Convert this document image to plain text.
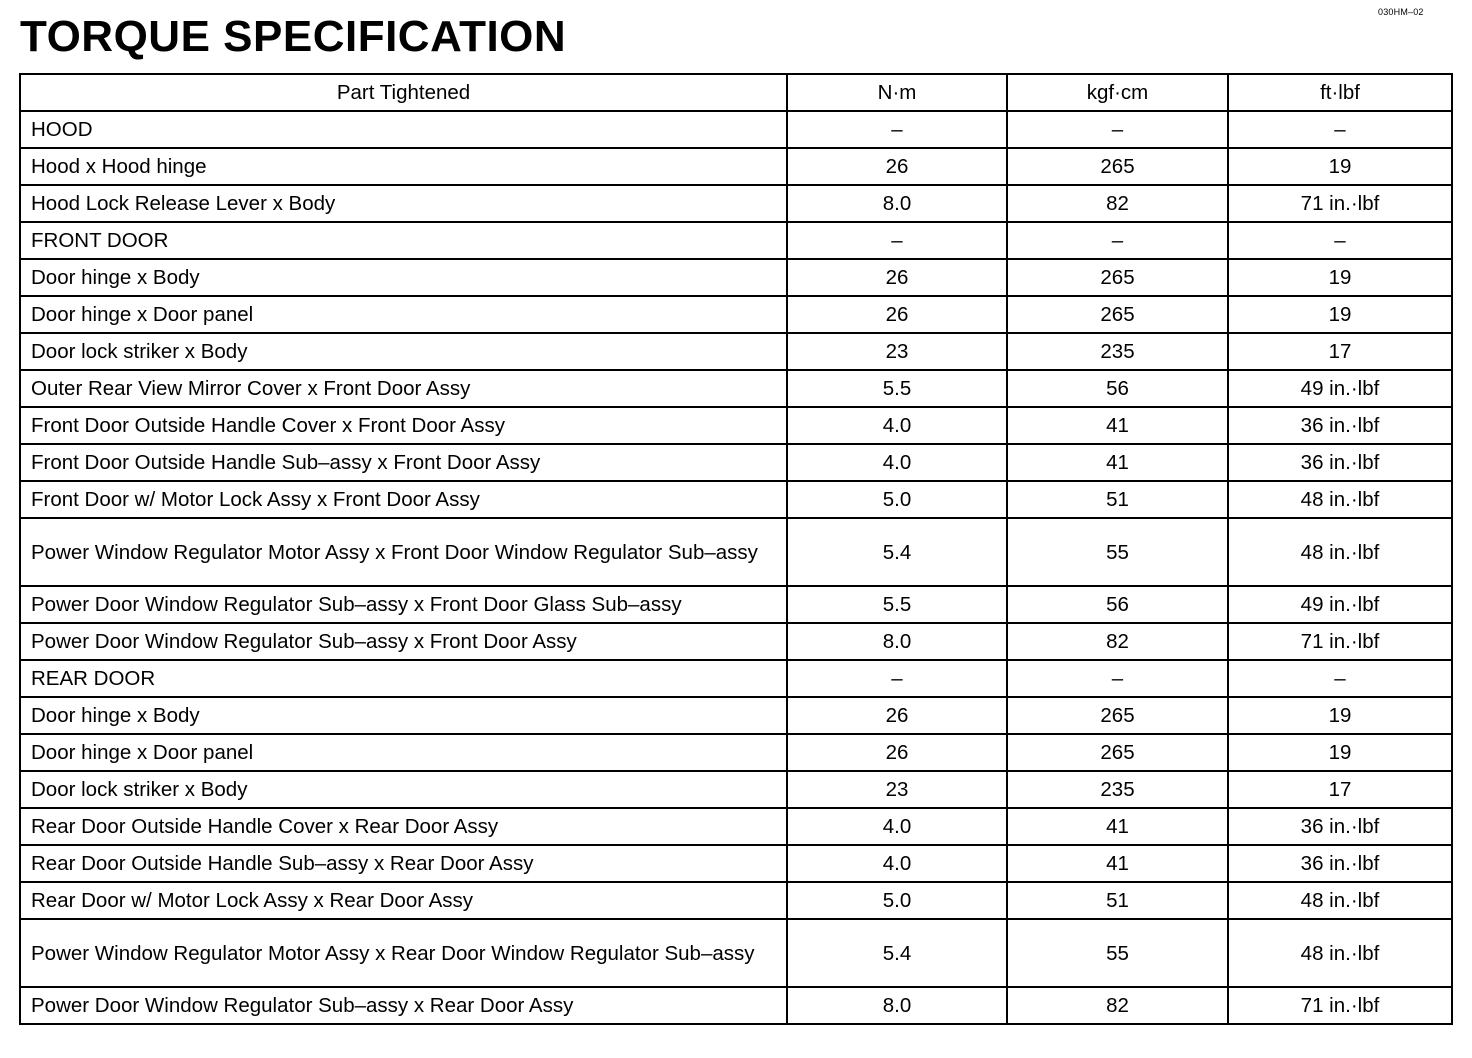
030HM–02
TORQUE SPECIFICATION
Part Tightened	N·m	kgf·cm	ft·lbf
HOOD	–	–	–
Hood x Hood hinge	26	265	19
Hood Lock Release Lever x Body	8.0	82	71 in.·lbf
FRONT DOOR	–	–	–
Door hinge x Body	26	265	19
Door hinge x Door panel	26	265	19
Door lock striker x Body	23	235	17
Outer Rear View Mirror Cover x Front Door Assy	5.5	56	49 in.·lbf
Front Door Outside Handle Cover x Front Door Assy	4.0	41	36 in.·lbf
Front Door Outside Handle Sub–assy x Front Door Assy	4.0	41	36 in.·lbf
Front Door w/ Motor Lock Assy x Front Door Assy	5.0	51	48 in.·lbf
Power Window Regulator Motor Assy x Front Door Window Regulator Sub–assy	5.4	55	48 in.·lbf
Power Door Window Regulator Sub–assy x Front Door Glass Sub–assy	5.5	56	49 in.·lbf
Power Door Window Regulator Sub–assy x Front Door Assy	8.0	82	71 in.·lbf
REAR DOOR	–	–	–
Door hinge x Body	26	265	19
Door hinge x Door panel	26	265	19
Door lock striker x Body	23	235	17
Rear Door Outside Handle Cover x Rear Door Assy	4.0	41	36 in.·lbf
Rear Door Outside Handle Sub–assy x Rear Door Assy	4.0	41	36 in.·lbf
Rear Door w/ Motor Lock Assy x Rear Door Assy	5.0	51	48 in.·lbf
Power Window Regulator Motor Assy x Rear Door Window Regulator Sub–assy	5.4	55	48 in.·lbf
Power Door Window Regulator Sub–assy x Rear Door Assy	8.0	82	71 in.·lbf
